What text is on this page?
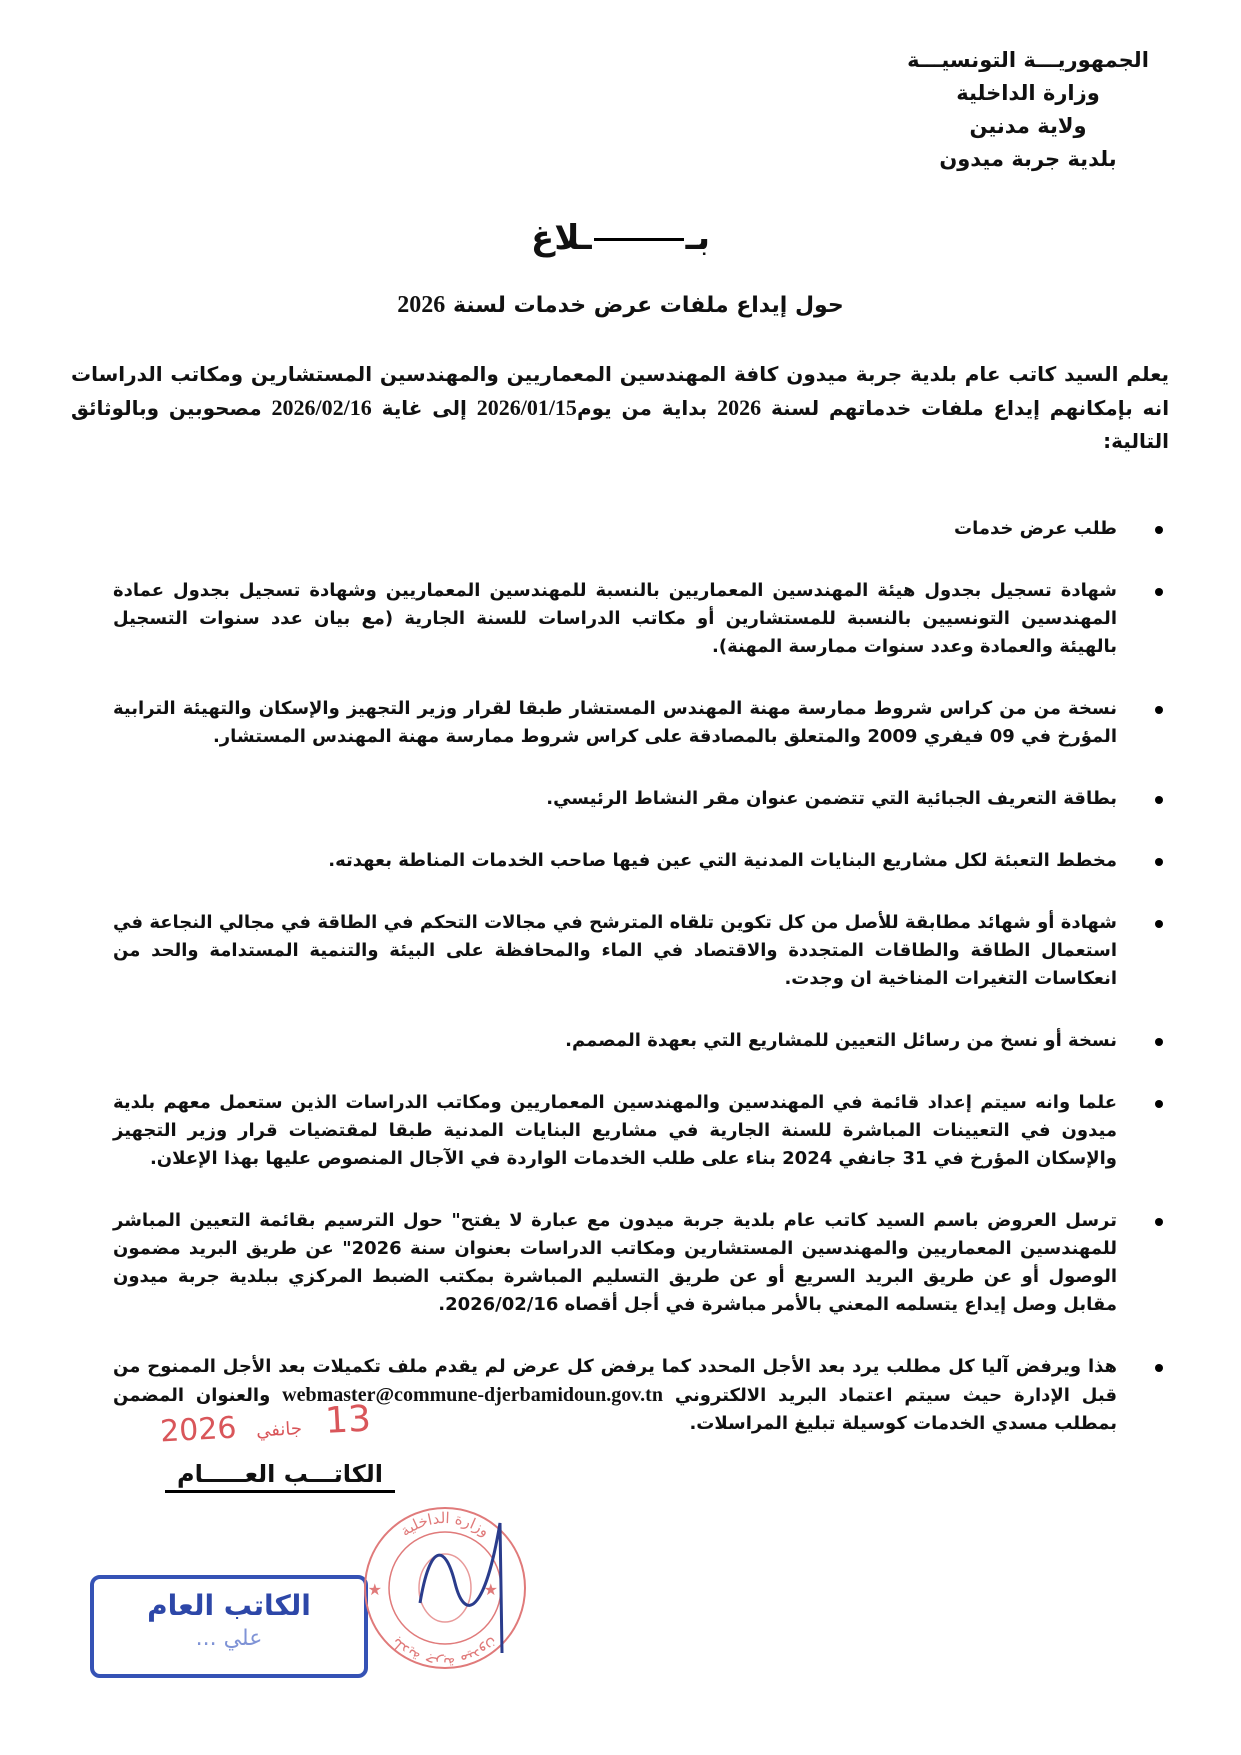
الجمهوريـــة التونسيـــة
وزارة الداخلية
ولاية مدنين
بلدية جربة ميدون
بــلاغ
حول إيداع ملفات عرض خدمات لسنة 2026
يعلم السيد كاتب عام بلدية جربة ميدون كافة المهندسين المعماريين والمهندسين المستشارين ومكاتب الدراسات انه بإمكانهم إيداع ملفات خدماتهم لسنة 2026 بداية من يوم2026/01/15 إلى غاية 2026/02/16 مصحوبين وبالوثائق التالية:
طلب عرض خدمات
شهادة تسجيل بجدول هيئة المهندسين المعماريين بالنسبة للمهندسين المعماريين وشهادة تسجيل بجدول عمادة المهندسين التونسيين بالنسبة للمستشارين أو مكاتب الدراسات للسنة الجارية (مع بيان عدد سنوات التسجيل بالهيئة والعمادة وعدد سنوات ممارسة المهنة).
نسخة من من كراس شروط ممارسة مهنة المهندس المستشار طبقا لقرار وزير التجهيز والإسكان والتهيئة الترابية المؤرخ في 09 فيفري 2009 والمتعلق بالمصادقة على كراس شروط ممارسة مهنة المهندس المستشار.
بطاقة التعريف الجبائية التي تتضمن عنوان مقر النشاط الرئيسي.
مخطط التعبئة لكل مشاريع البنايات المدنية التي عين فيها صاحب الخدمات المناطة بعهدته.
شهادة أو شهائد مطابقة للأصل من كل تكوين تلقاه المترشح في مجالات التحكم في الطاقة في مجالي النجاعة في استعمال الطاقة والطاقات المتجددة والاقتصاد في الماء والمحافظة على البيئة والتنمية المستدامة والحد من انعكاسات التغيرات المناخية ان وجدت.
نسخة أو نسخ من رسائل التعيين للمشاريع التي بعهدة المصمم.
علما وانه سيتم إعداد قائمة في المهندسين والمهندسين المعماريين ومكاتب الدراسات الذين ستعمل معهم بلدية ميدون في التعيينات المباشرة للسنة الجارية في مشاريع البنايات المدنية طبقا لمقتضيات قرار وزير التجهيز والإسكان المؤرخ في 31 جانفي 2024 بناء على طلب الخدمات الواردة في الآجال المنصوص عليها بهذا الإعلان.
ترسل العروض باسم السيد كاتب عام بلدية جربة ميدون مع عبارة لا يفتح" حول الترسيم بقائمة التعيين المباشر للمهندسين المعماريين والمهندسين المستشارين ومكاتب الدراسات بعنوان سنة 2026" عن طريق البريد مضمون الوصول أو عن طريق البريد السريع أو عن طريق التسليم المباشرة بمكتب الضبط المركزي ببلدية جربة ميدون مقابل وصل إيداع يتسلمه المعني بالأمر مباشرة في أجل أقصاه 2026/02/16.
هذا ويرفض آليا كل مطلب يرد بعد الأجل المحدد كما يرفض كل عرض لم يقدم ملف تكميلات بعد الأجل الممنوح من قبل الإدارة حيث سيتم اعتماد البريد الالكتروني webmaster@commune-djerbamidoun.gov.tn والعنوان المضمن بمطلب مسدي الخدمات كوسيلة تبليغ المراسلات.
13 جانفي 2026
الكاتـــب العـــــام
الكاتب العام
علي ...
وزارة الداخلية
بلدية جربة ميدون
★	★
